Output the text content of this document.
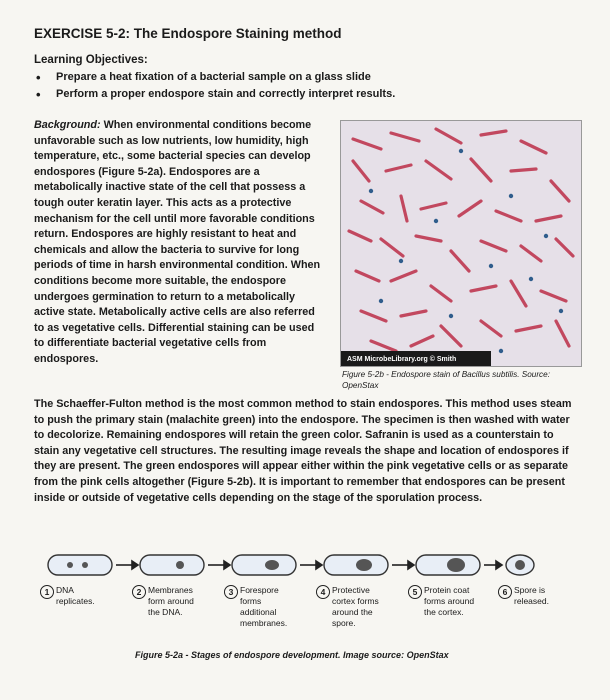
EXERCISE 5-2: The Endospore Staining method
Learning Objectives:
• Prepare a heat fixation of a bacterial sample on a glass slide
• Perform a proper endospore stain and correctly interpret results.
Background: When environmental conditions become unfavorable such as low nutrients, low humidity, high temperature, etc., some bacterial species can develop endospores (Figure 5-2a). Endospores are a metabolically inactive state of the cell that possess a tough outer keratin layer. This acts as a protective mechanism for the cell until more favorable conditions return. Endospores are highly resistant to heat and chemicals and allow the bacteria to survive for long periods of time in harsh environmental condition. When conditions become more suitable, the endospore undergoes germination to return to a metabolically active state. Metabolically active cells are also referred to as vegetative cells. Differential staining can be used to differentiate bacterial vegetative cells from endospores.	ASM MicrobeLibrary.org © Smith
Figure 5-2b - Endospore stain of Bacillus subtilis. Source: OpenStax
The Schaeffer-Fulton method is the most common method to stain endospores. This method uses steam to push the primary stain (malachite green) into the endospore. The specimen is then washed with water to decolorize. Remaining endospores will retain the green color. Safranin is used as a counterstain to stain any vegetative cell structures. The resulting image reveals the shape and location of endospores if they are present. The green endospores will appear either within the pink vegetative cells or as separate from the pink cells altogether (Figure 5-2b). It is important to remember that endospores can be present inside or outside of vegetative cells depending on the stage of the sporulation process.
1 DNA replicates.
2 Membranes form around the DNA.
3 Forespore forms additional membranes.
4 Protective cortex forms around the spore.
5 Protein coat forms around the cortex.
6 Spore is released.
Figure 5-2a - Stages of endospore development. Image source: OpenStax
